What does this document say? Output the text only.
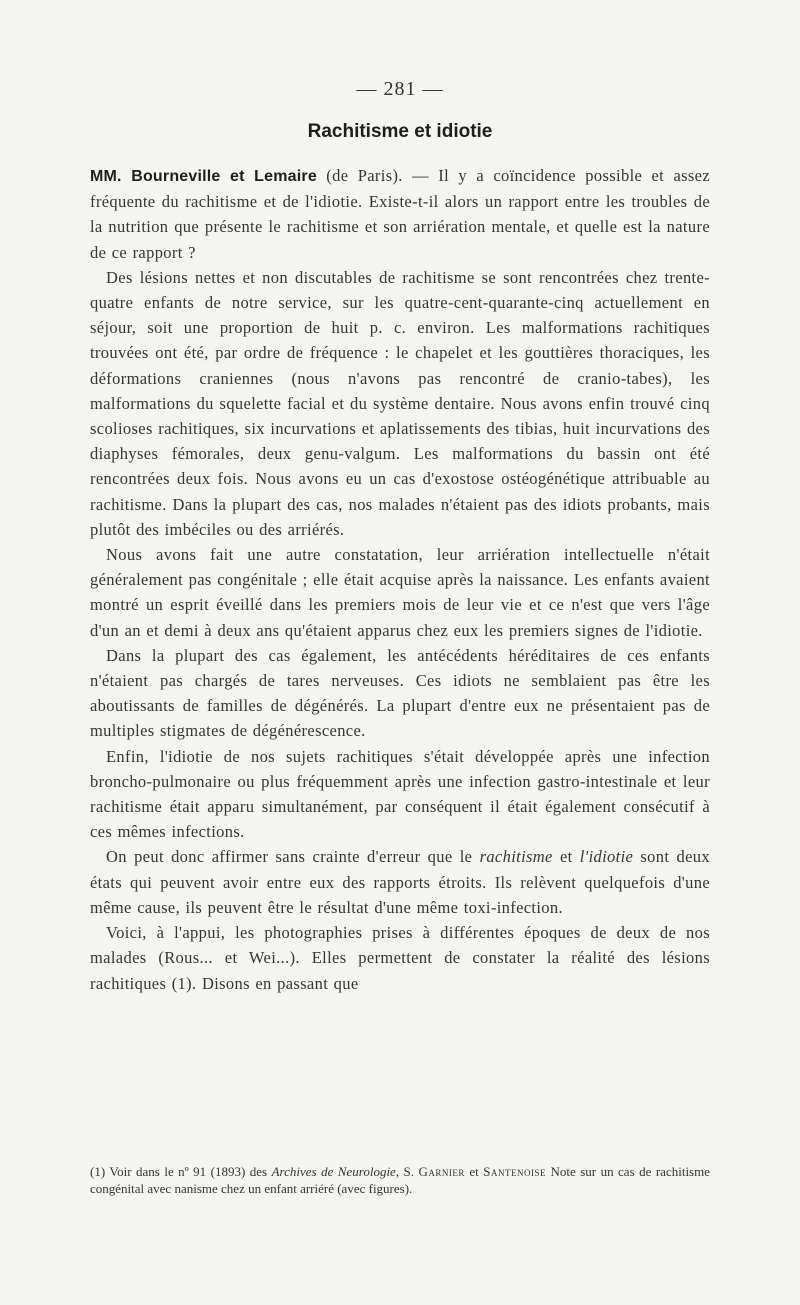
— 281 —
Rachitisme et idiotie

MM. Bourneville et Lemaire (de Paris). — Il y a coïncidence possible et assez fréquente du rachitisme et de l'idiotie. Existe-t-il alors un rapport entre les troubles de la nutrition que présente le rachitisme et son arriération mentale, et quelle est la nature de ce rapport ?

Des lésions nettes et non discutables de rachitisme se sont rencontrées chez trente-quatre enfants de notre service, sur les quatre-cent-quarante-cinq actuellement en séjour, soit une proportion de huit p. c. environ. Les malformations rachitiques trouvées ont été, par ordre de fréquence : le chapelet et les gouttières thoraciques, les déformations craniennes (nous n'avons pas rencontré de cranio-tabes), les malformations du squelette facial et du système dentaire. Nous avons enfin trouvé cinq scolioses rachitiques, six incurvations et aplatissements des tibias, huit incurvations des diaphyses fémorales, deux genu-valgum. Les malformations du bassin ont été rencontrées deux fois. Nous avons eu un cas d'exostose ostéogénétique attribuable au rachitisme. Dans la plupart des cas, nos malades n'étaient pas des idiots probants, mais plutôt des imbéciles ou des arriérés.

Nous avons fait une autre constatation, leur arriération intellectuelle n'était généralement pas congénitale ; elle était acquise après la naissance. Les enfants avaient montré un esprit éveillé dans les premiers mois de leur vie et ce n'est que vers l'âge d'un an et demi à deux ans qu'étaient apparus chez eux les premiers signes de l'idiotie.

Dans la plupart des cas également, les antécédents héréditaires de ces enfants n'étaient pas chargés de tares nerveuses. Ces idiots ne semblaient pas être les aboutissants de familles de dégénérés. La plupart d'entre eux ne présentaient pas de multiples stigmates de dégénérescence.

Enfin, l'idiotie de nos sujets rachitiques s'était développée après une infection broncho-pulmonaire ou plus fréquemment après une infection gastro-intestinale et leur rachitisme était apparu simultanément, par conséquent il était également consécutif à ces mêmes infections.

On peut donc affirmer sans crainte d'erreur que le rachitisme et l'idiotie sont deux états qui peuvent avoir entre eux des rapports étroits. Ils relèvent quelquefois d'une même cause, ils peuvent être le résultat d'une même toxi-infection.

Voici, à l'appui, les photographies prises à différentes époques de deux de nos malades (Rous... et Wei...). Elles permettent de constater la réalité des lésions rachitiques (1). Disons en passant que

(1) Voir dans le nº 91 (1893) des Archives de Neurologie, S. Garnier et Santenoise Note sur un cas de rachitisme congénital avec nanisme chez un enfant arriéré (avec figures).
